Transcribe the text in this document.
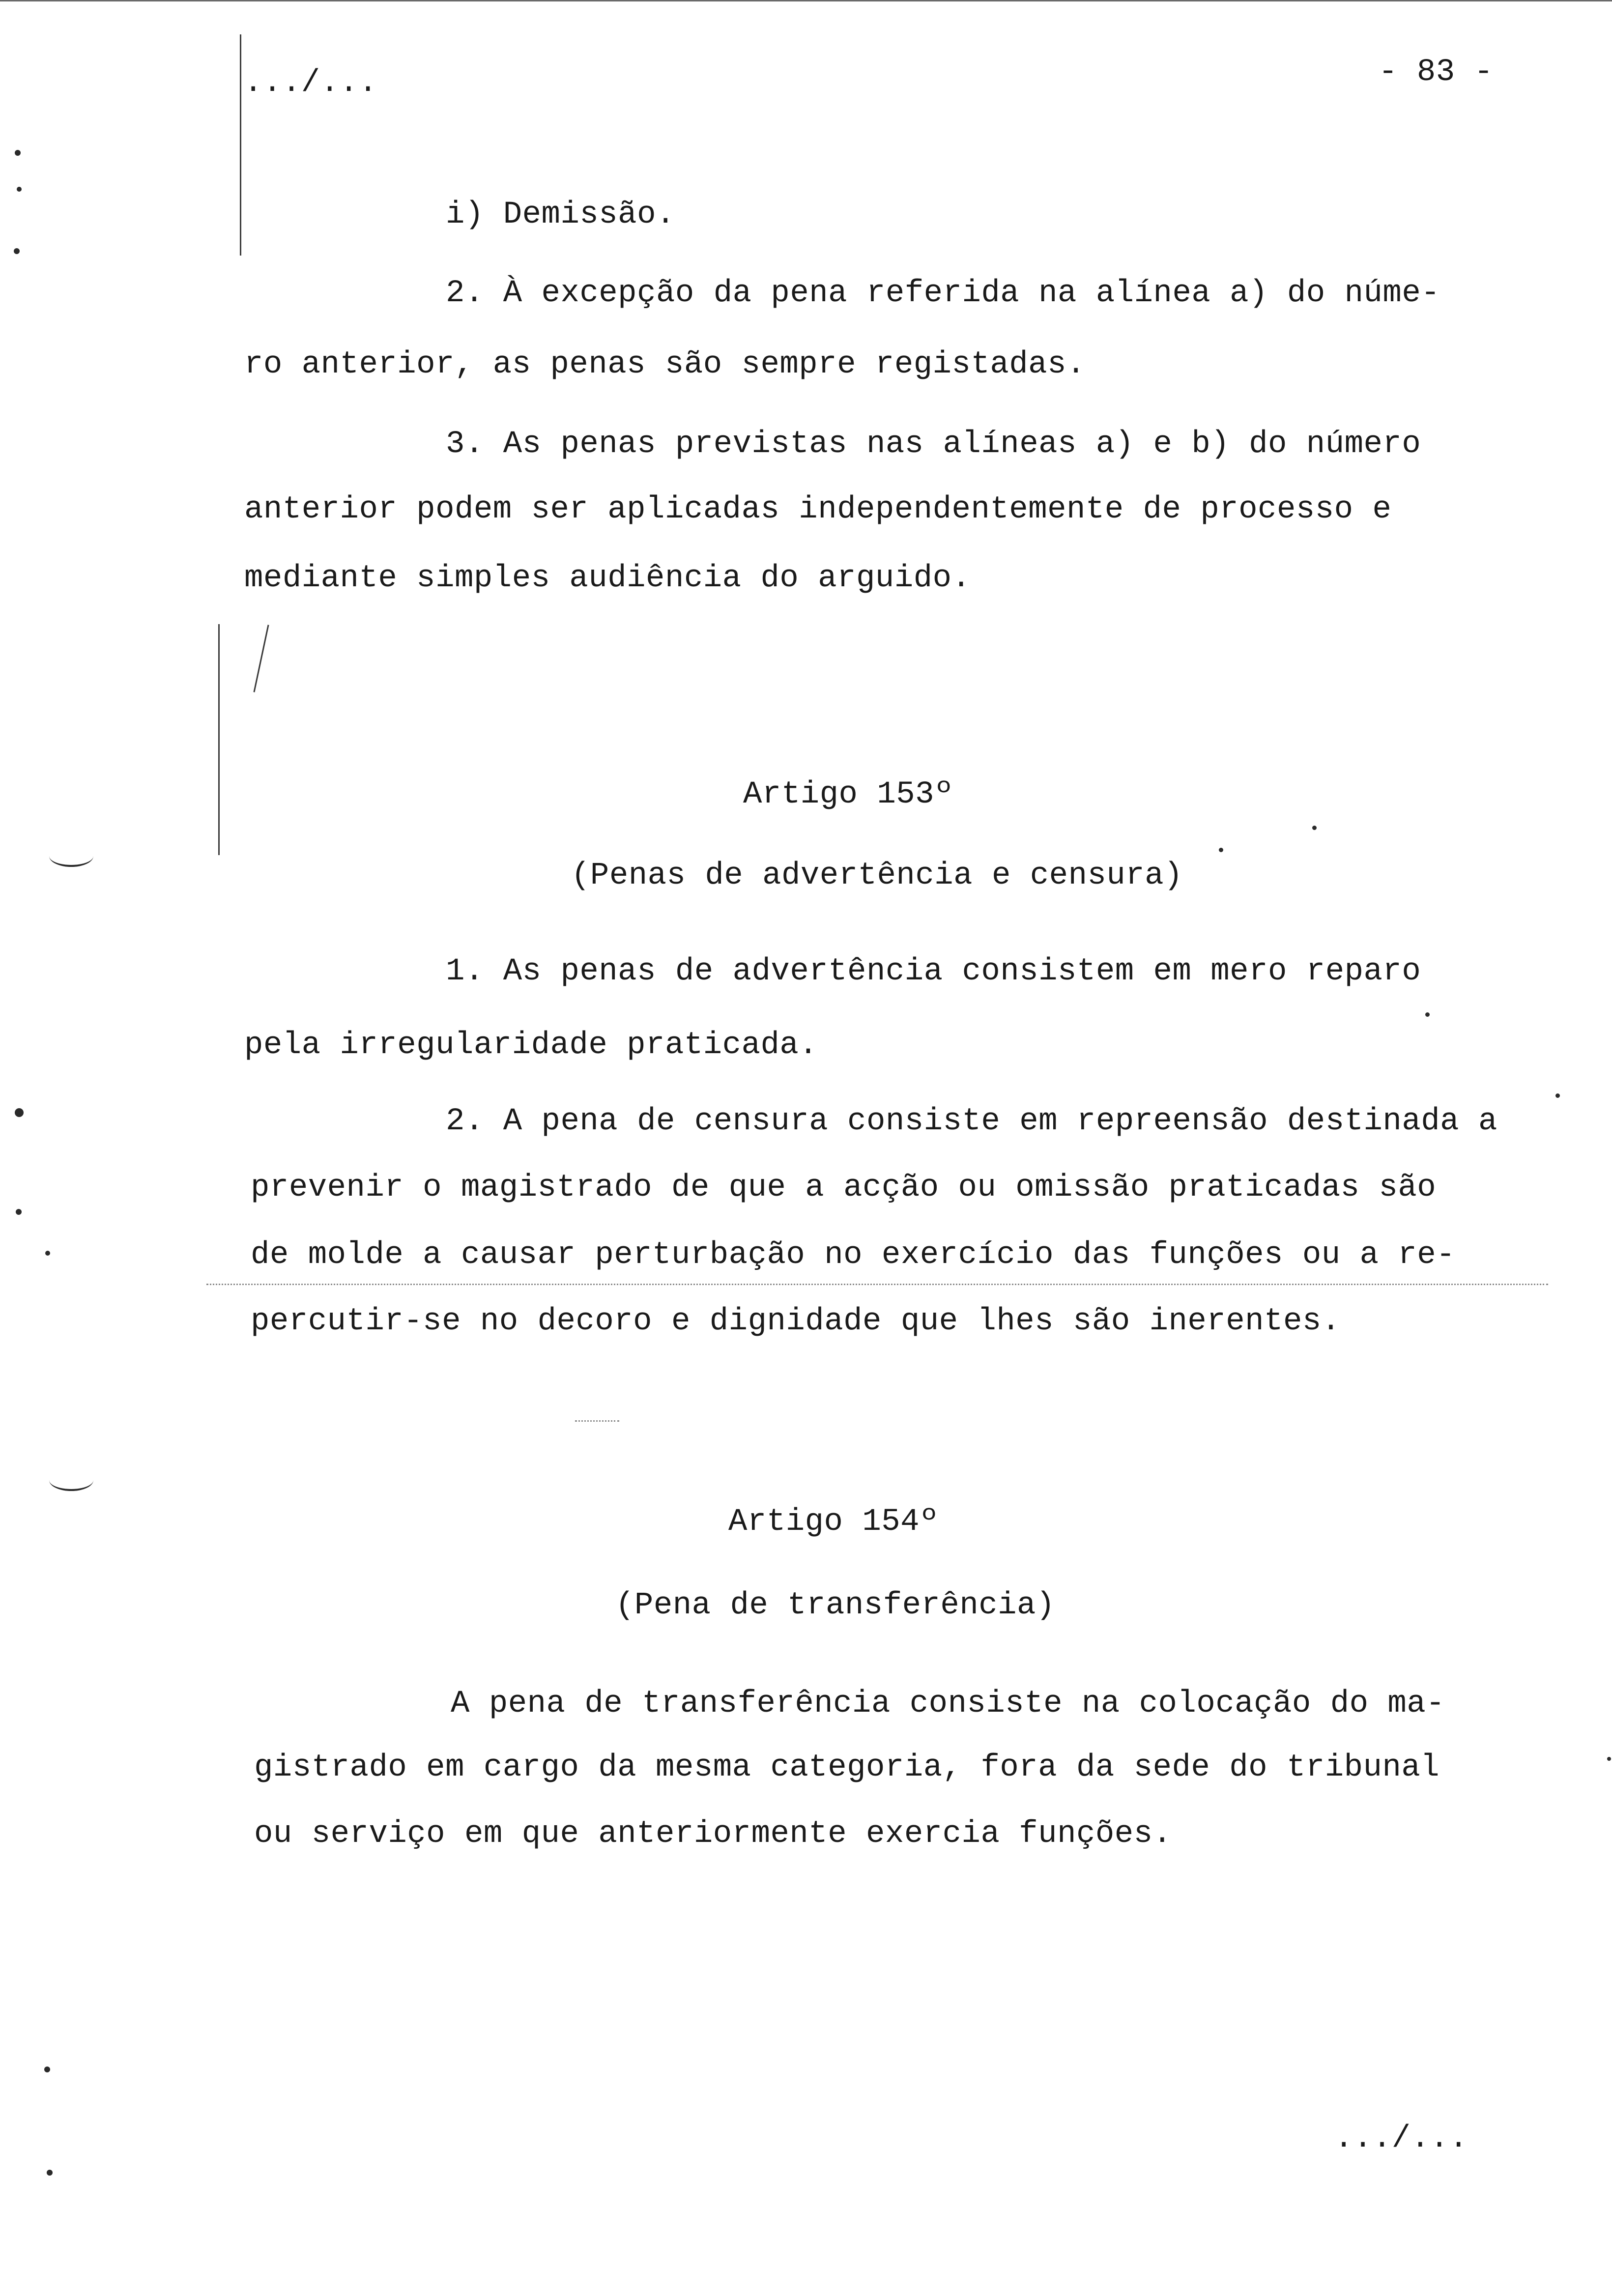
.../...	- 83 -
i) Demissão.
2. À excepção da pena referida na alínea a) do núme-
ro anterior, as penas são sempre registadas.
3. As penas previstas nas alíneas a) e b) do número
anterior podem ser aplicadas independentemente de processo e
mediante simples audiência do arguido.
Artigo 153º
(Penas de advertência e censura)
1. As penas de advertência consistem em mero reparo
pela irregularidade praticada.
2. A pena de censura consiste em repreensão destinada a
prevenir o magistrado de que a acção ou omissão praticadas são
de molde a causar perturbação no exercício das funções ou a re-
percutir-se no decoro e dignidade que lhes são inerentes.
Artigo 154º
(Pena de transferência)
A pena de transferência consiste na colocação do ma-
gistrado em cargo da mesma categoria, fora da sede do tribunal
ou serviço em que anteriormente exercia funções.
.../...
